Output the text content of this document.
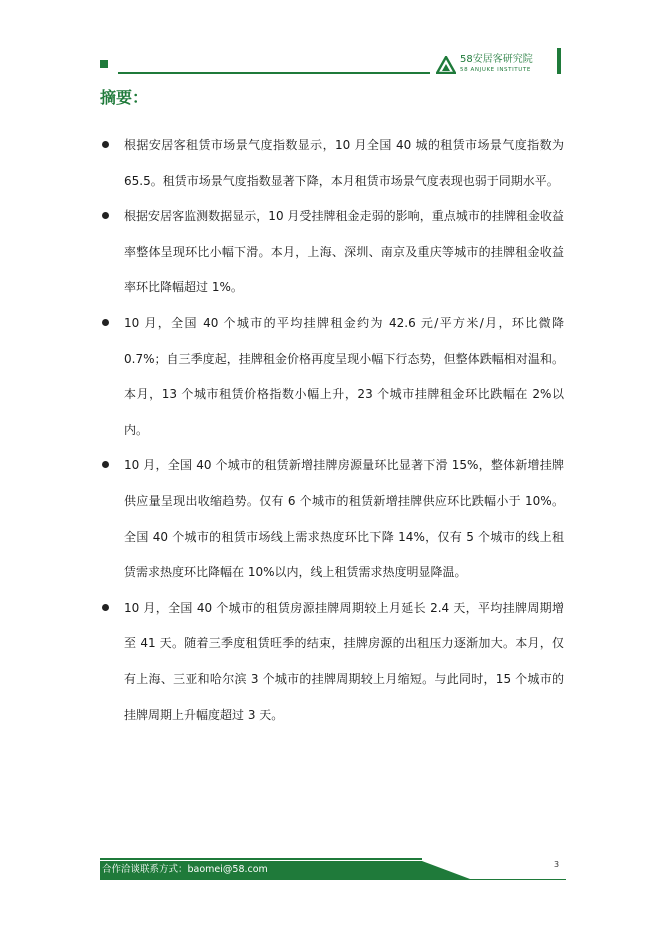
58安居客研究院
58 ANJUKE INSTITUTE
摘要：
根据安居客租赁市场景气度指数显示，10 月全国 40 城的租赁市场景气度指数为 65.5。租赁市场景气度指数显著下降，本月租赁市场景气度表现也弱于同期水平。
根据安居客监测数据显示，10 月受挂牌租金走弱的影响，重点城市的挂牌租金收益率整体呈现环比小幅下滑。本月，上海、深圳、南京及重庆等城市的挂牌租金收益率环比降幅超过 1%。
10 月，全国 40 个城市的平均挂牌租金约为 42.6 元/平方米/月，环比微降 0.7%；自三季度起，挂牌租金价格再度呈现小幅下行态势，但整体跌幅相对温和。本月，13 个城市租赁价格指数小幅上升，23 个城市挂牌租金环比跌幅在 2%以内。
10 月，全国 40 个城市的租赁新增挂牌房源量环比显著下滑 15%，整体新增挂牌供应量呈现出收缩趋势。仅有 6 个城市的租赁新增挂牌供应环比跌幅小于 10%。全国 40 个城市的租赁市场线上需求热度环比下降 14%，仅有 5 个城市的线上租赁需求热度环比降幅在 10%以内，线上租赁需求热度明显降温。
10 月，全国 40 个城市的租赁房源挂牌周期较上月延长 2.4 天，平均挂牌周期增至 41 天。随着三季度租赁旺季的结束，挂牌房源的出租压力逐渐加大。本月，仅有上海、三亚和哈尔滨 3 个城市的挂牌周期较上月缩短。与此同时，15 个城市的挂牌周期上升幅度超过 3 天。
合作洽谈联系方式：baomei@58.com	3
